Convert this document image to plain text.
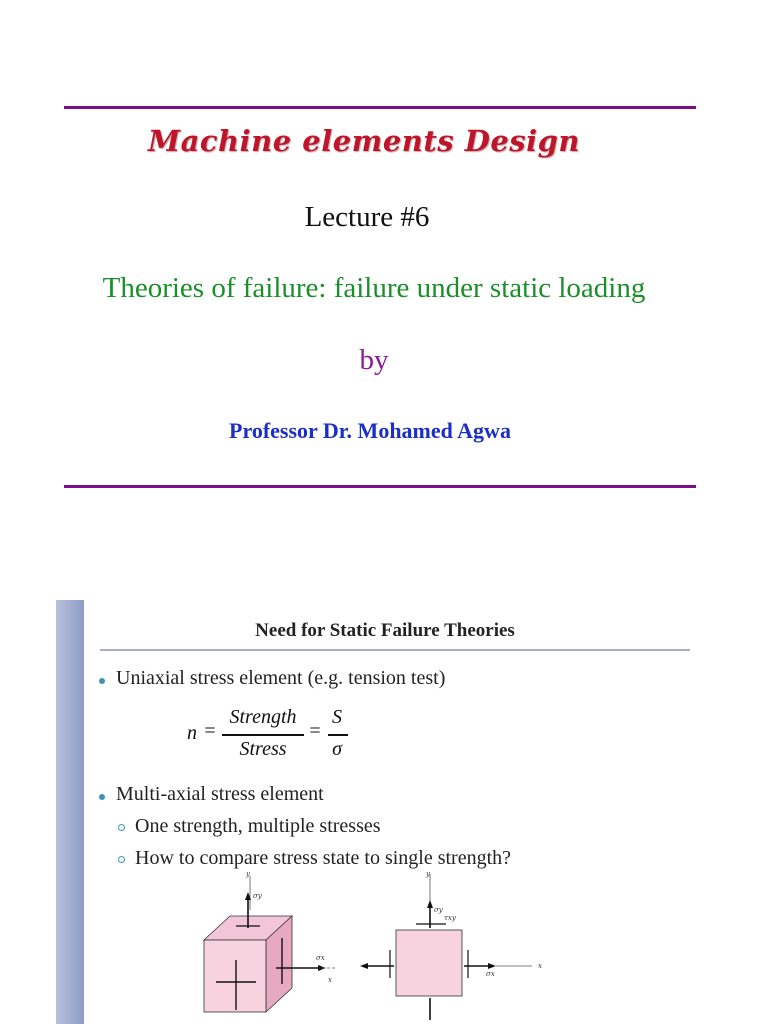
Machine elements Design
Lecture #6
Theories of failure: failure under static loading
by
Professor Dr. Mohamed Agwa
Need for Static Failure Theories
Uniaxial stress element (e.g. tension test)
n =
Strength
Stress
=
S
σ
Multi-axial stress element
One strength, multiple stresses
How to compare stress state to single strength?
y
σy
σx
x
y
σy
τxy
σx
x
